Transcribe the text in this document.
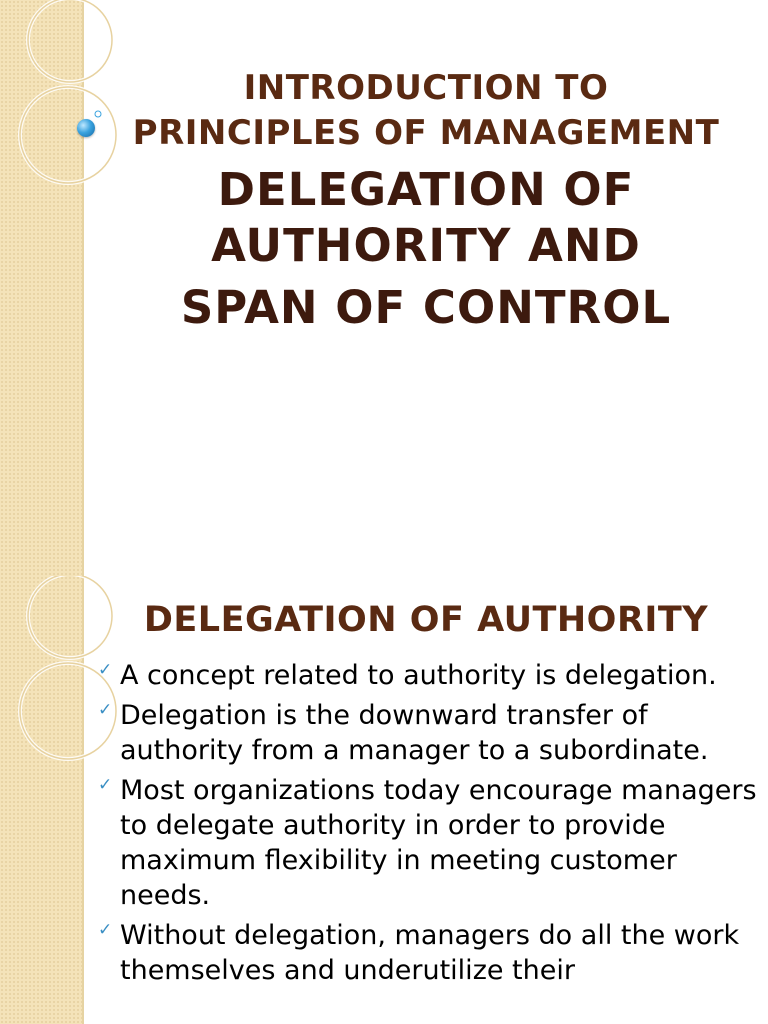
INTRODUCTION TO
PRINCIPLES OF MANAGEMENT
DELEGATION OF
AUTHORITY AND
SPAN OF CONTROL
DELEGATION OF AUTHORITY
✓ A concept related to authority is delegation.
✓ Delegation is the downward transfer of authority from a manager to a subordinate.
✓ Most organizations today encourage managers to delegate authority in order to provide maximum flexibility in meeting customer needs.
✓ Without delegation, managers do all the work themselves and underutilize their
